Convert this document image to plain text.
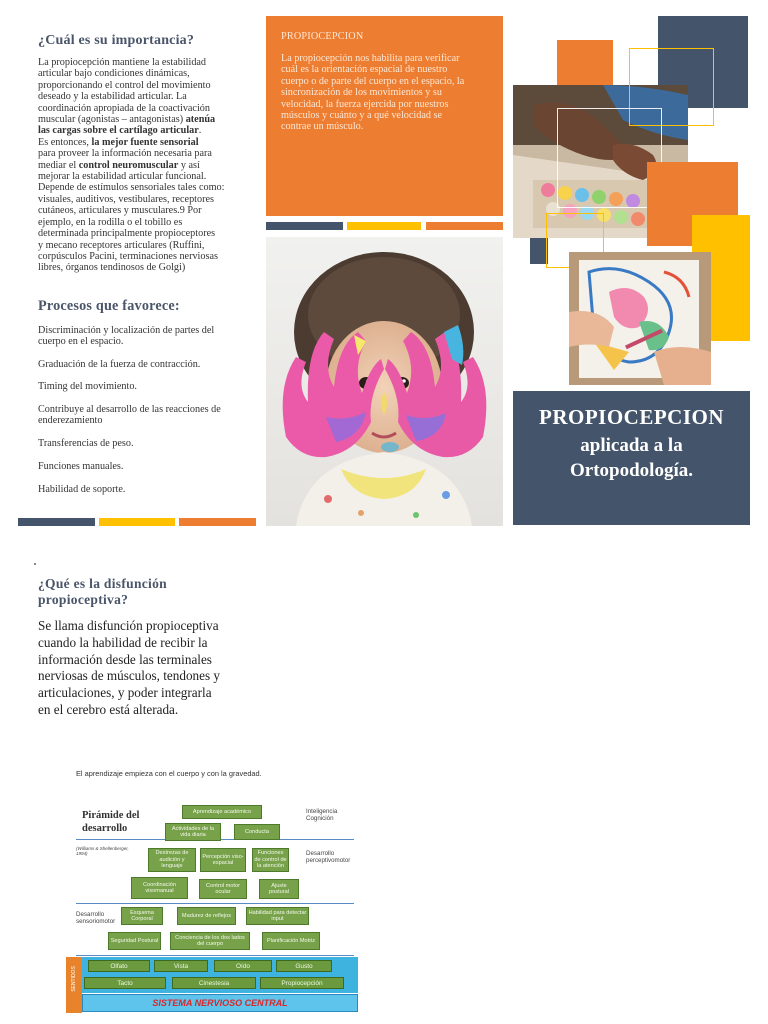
¿Cuál es su importancia?
La propiocepción mantiene la estabilidad
articular bajo condiciones dinámicas,
proporcionando el control del movimiento
deseado y la estabilidad articular. La
coordinación apropiada de la coactivación
muscular (agonistas – antagonistas) atenúa
las cargas sobre el cartílago articular.
Es entonces, la mejor fuente sensorial
para proveer la información necesaria para
mediar el control neuromuscular y así
mejorar la estabilidad articular funcional.
Depende de estímulos sensoriales tales como:
visuales, auditivos, vestibulares, receptores
cutáneos, articulares y musculares.9 Por
ejemplo, en la rodilla o el tobillo es
determinada principalmente propioceptores
y mecano receptores articulares (Ruffini,
corpúsculos Pacini, terminaciones nerviosas
libres, órganos tendinosos de Golgi)
Procesos que favorece:
Discriminación y localización de partes del cuerpo en el espacio.
Graduación de la fuerza de contracción.
Timing del movimiento.
Contribuye al desarrollo de las reacciones de enderezamiento
Transferencias de peso.
Funciones manuales.
Habilidad de soporte.
PROPIOCEPCION
La propiocepción nos habilita para verificar
cuál es la orientación espacial de nuestro
cuerpo o de parte del cuerpo en el espacio, la
sincronización de los movimientos y su
velocidad, la fuerza ejercida por nuestros
músculos y cuánto y a qué velocidad se
contrae un músculo.
PROPIOCEPCION
aplicada a la
Ortopodología.
¿Qué es la disfunción
propioceptiva?
Se llama disfunción propioceptiva
cuando la habilidad de recibir la
información desde las terminales
nerviosas de músculos, tendones y
articulaciones, y poder integrarla
en el cerebro está alterada.
El aprendizaje empieza con el cuerpo y con la gravedad.
Pirámide del
desarrollo
(Williams & Shellenberger,
1994)
Inteligencia
Cognición
Desarrollo
perceptivomotor
Desarrollo
sensoriomotor
Aprendizaje académico
Actividades de la vida diaria
Conducta
Destrezas de audición y lenguaje
Percepción viso-espacial
Funciones de control de la atención
Coordinación visomanual
Control motor ocular
Ajuste postural
Esquema Corporal
Madurez de reflejos
Habilidad para detectar input
Seguridad Postural
Conciencia de los dos lados del cuerpo
Planificación Motriz
SENTIDOS
Olfato	Vista	Oído	Gusto
Tacto	Cinestesia	Propiocepción
SISTEMA NERVIOSO CENTRAL
